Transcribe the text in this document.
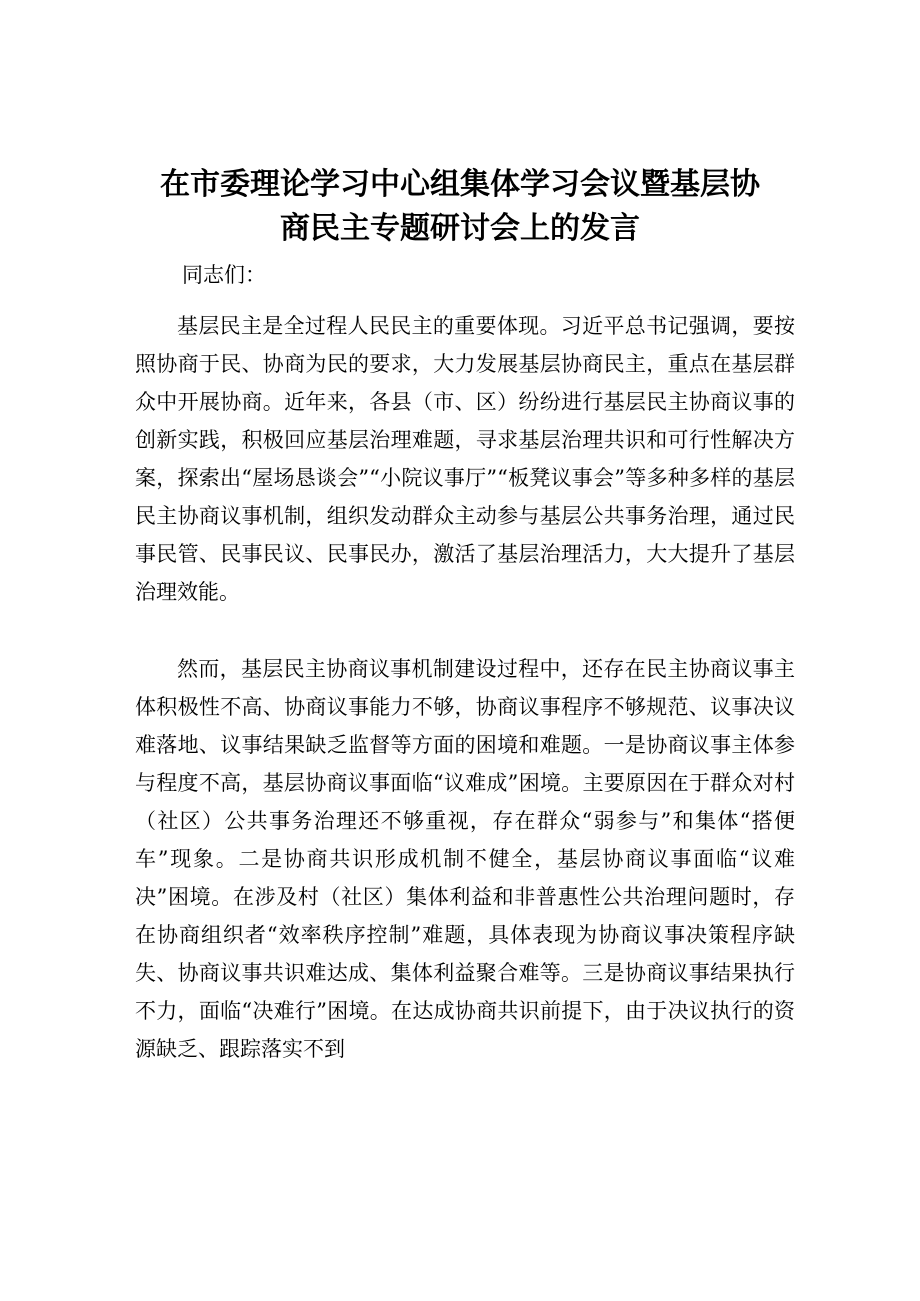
在市委理论学习中心组集体学习会议暨基层协
商民主专题研讨会上的发言

同志们：

基层民主是全过程人民民主的重要体现。习近平总书记强调，要按照协商于民、协商为民的要求，大力发展基层协商民主，重点在基层群众中开展协商。近年来，各县（市、区）纷纷进行基层民主协商议事的创新实践，积极回应基层治理难题，寻求基层治理共识和可行性解决方案，探索出“屋场恳谈会”“小院议事厅”“板凳议事会”等多种多样的基层民主协商议事机制，组织发动群众主动参与基层公共事务治理，通过民事民管、民事民议、民事民办，激活了基层治理活力，大大提升了基层治理效能。

然而，基层民主协商议事机制建设过程中，还存在民主协商议事主体积极性不高、协商议事能力不够，协商议事程序不够规范、议事决议难落地、议事结果缺乏监督等方面的困境和难题。一是协商议事主体参与程度不高，基层协商议事面临“议难成”困境。主要原因在于群众对村（社区）公共事务治理还不够重视，存在群众“弱参与”和集体“搭便车”现象。二是协商共识形成机制不健全，基层协商议事面临“议难决”困境。在涉及村（社区）集体利益和非普惠性公共治理问题时，存在协商组织者“效率秩序控制”难题，具体表现为协商议事决策程序缺失、协商议事共识难达成、集体利益聚合难等。三是协商议事结果执行不力，面临“决难行”困境。在达成协商共识前提下，由于决议执行的资源缺乏、跟踪落实不到
